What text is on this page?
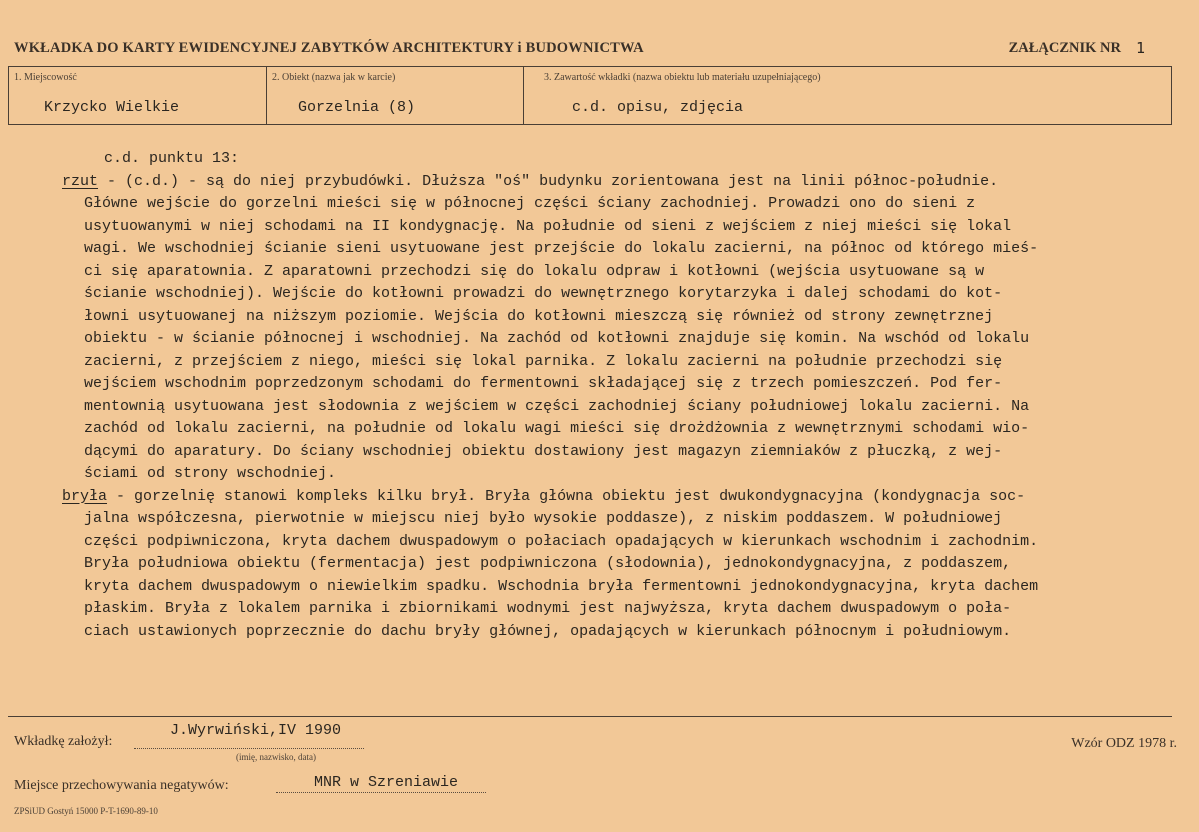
WKŁADKA DO KARTY EWIDENCYJNEJ ZABYTKÓW ARCHITEKTURY i BUDOWNICTWA	ZAŁĄCZNIK NR 1
1. Miejscowość
Krzycko Wielkie
2. Obiekt (nazwa jak w karcie)
Gorzelnia (8)
3. Zawartość wkładki (nazwa obiektu lub materiału uzupełniającego)
c.d. opisu, zdjęcia
c.d. punktu 13:
rzut - (c.d.) - są do niej przybudówki. Dłuższa "oś" budynku zorientowana jest na linii północ-południe.
Główne wejście do gorzelni mieści się w północnej części ściany zachodniej. Prowadzi ono do sieni z
usytuowanymi w niej schodami na II kondygnację. Na południe od sieni z wejściem z niej mieści się lokal
wagi. We wschodniej ścianie sieni usytuowane jest przejście do lokalu zacierni, na północ od którego mieś-
ci się aparatownia. Z aparatowni przechodzi się do lokalu odpraw i kotłowni (wejścia usytuowane są w
ścianie wschodniej). Wejście do kotłowni prowadzi do wewnętrznego korytarzyka i dalej schodami do kot-
łowni usytuowanej na niższym poziomie. Wejścia do kotłowni mieszczą się również od strony zewnętrznej
obiektu - w ścianie północnej i wschodniej. Na zachód od kotłowni znajduje się komin. Na wschód od lokalu
zacierni, z przejściem z niego, mieści się lokal parnika. Z lokalu zacierni na południe przechodzi się
wejściem wschodnim poprzedzonym schodami do fermentowni składającej się z trzech pomieszczeń. Pod fer-
mentownią usytuowana jest słodownia z wejściem w części zachodniej ściany południowej lokalu zacierni. Na
zachód od lokalu zacierni, na południe od lokalu wagi mieści się drożdżownia z wewnętrznymi schodami wio-
dącymi do aparatury. Do ściany wschodniej obiektu dostawiony jest magazyn ziemniaków z płuczką, z wej-
ściami od strony wschodniej.
bryła - gorzelnię stanowi kompleks kilku brył. Bryła główna obiektu jest dwukondygnacyjna (kondygnacja soc-
jalna współczesna, pierwotnie w miejscu niej było wysokie poddasze), z niskim poddaszem. W południowej
części podpiwniczona, kryta dachem dwuspadowym o połaciach opadających w kierunkach wschodnim i zachodnim.
Bryła południowa obiektu (fermentacja) jest podpiwniczona (słodownia), jednokondygnacyjna, z poddaszem,
kryta dachem dwuspadowym o niewielkim spadku. Wschodnia bryła fermentowni jednokondygnacyjna, kryta dachem
płaskim. Bryła z lokalem parnika i zbiornikami wodnymi jest najwyższa, kryta dachem dwuspadowym o poła-
ciach ustawionych poprzecznie do dachu bryły głównej, opadających w kierunkach północnym i południowym.
Wkładkę założył:
J.Wyrwiński,IV 1990
(imię, nazwisko, data)
Wzór ODZ 1978 r.
Miejsce przechowywania negatywów:	MNR w Szreniawie
ZPSiUD Gostyń 15000 P-T-1690-89-10
